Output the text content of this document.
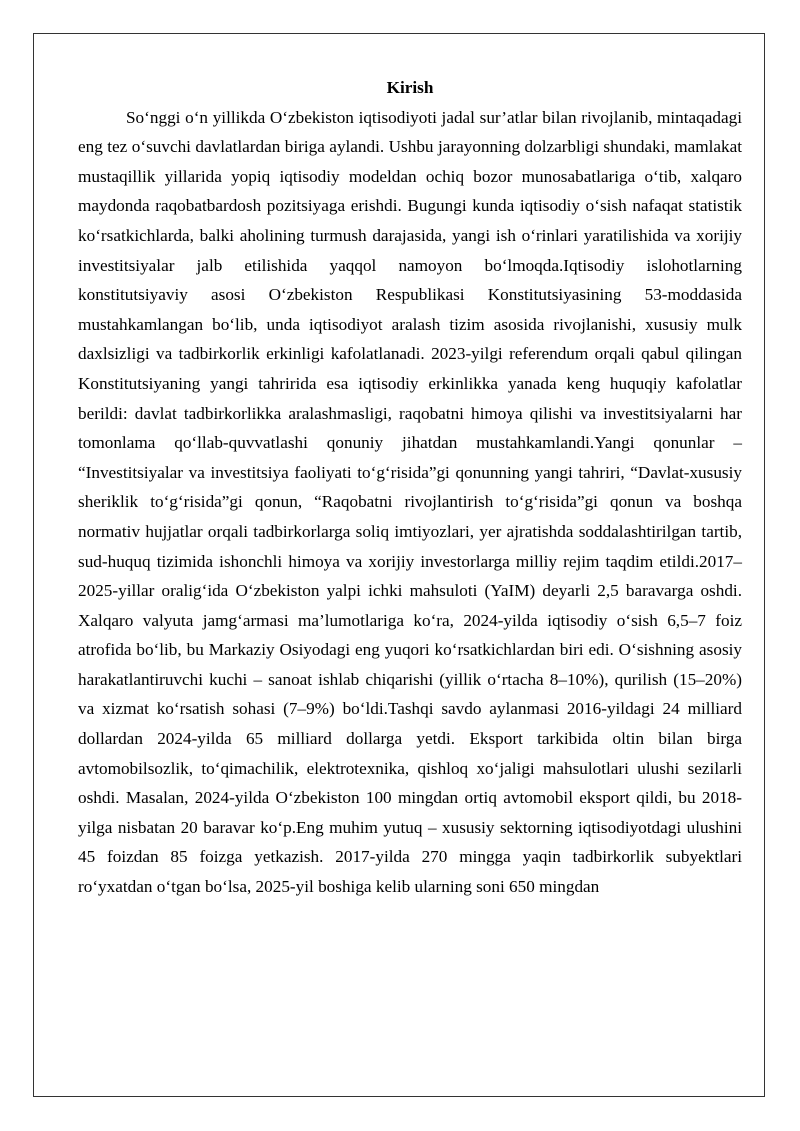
Kirish

So‘nggi o‘n yillikda O‘zbekiston iqtisodiyoti jadal sur’atlar bilan rivojlanib, mintaqadagi eng tez o‘suvchi davlatlardan biriga aylandi. Ushbu jarayonning dolzarbligi shundaki, mamlakat mustaqillik yillarida yopiq iqtisodiy modeldan ochiq bozor munosabatlariga o‘tib, xalqaro maydonda raqobatbardosh pozitsiyaga erishdi. Bugungi kunda iqtisodiy o‘sish nafaqat statistik ko‘rsatkichlarda, balki aholining turmush darajasida, yangi ish o‘rinlari yaratilishida va xorijiy investitsiyalar jalb etilishida yaqqol namoyon bo‘lmoqda.Iqtisodiy islohotlarning konstitutsiyaviy asosi O‘zbekiston Respublikasi Konstitutsiyasining 53-moddasida mustahkamlangan bo‘lib, unda iqtisodiyot aralash tizim asosida rivojlanishi, xususiy mulk daxlsizligi va tadbirkorlik erkinligi kafolatlanadi. 2023-yilgi referendum orqali qabul qilingan Konstitutsiyaning yangi tahririda esa iqtisodiy erkinlikka yanada keng huquqiy kafolatlar berildi: davlat tadbirkorlikka aralashmasligi, raqobatni himoya qilishi va investitsiyalarni har tomonlama qo‘llab-quvvatlashi qonuniy jihatdan mustahkamlandi.Yangi qonunlar – “Investitsiyalar va investitsiya faoliyati to‘g‘risida”gi qonunning yangi tahriri, “Davlat-xususiy sheriklik to‘g‘risida”gi qonun, “Raqobatni rivojlantirish to‘g‘risida”gi qonun va boshqa normativ hujjatlar orqali tadbirkorlarga soliq imtiyozlari, yer ajratishda soddalashtirilgan tartib, sud-huquq tizimida ishonchli himoya va xorijiy investorlarga milliy rejim taqdim etildi.2017–2025-yillar oralig‘ida O‘zbekiston yalpi ichki mahsuloti (YaIM) deyarli 2,5 baravarga oshdi. Xalqaro valyuta jamg‘armasi ma’lumotlariga ko‘ra, 2024-yilda iqtisodiy o‘sish 6,5–7 foiz atrofida bo‘lib, bu Markaziy Osiyodagi eng yuqori ko‘rsatkichlardan biri edi. O‘sishning asosiy harakatlantiruvchi kuchi – sanoat ishlab chiqarishi (yillik o‘rtacha 8–10%), qurilish (15–20%) va xizmat ko‘rsatish sohasi (7–9%) bo‘ldi.Tashqi savdo aylanmasi 2016-yildagi 24 milliard dollardan 2024-yilda 65 milliard dollarga yetdi. Eksport tarkibida oltin bilan birga avtomobilsozlik, to‘qimachilik, elektrotexnika, qishloq xo‘jaligi mahsulotlari ulushi sezilarli oshdi. Masalan, 2024-yilda O‘zbekiston 100 mingdan ortiq avtomobil eksport qildi, bu 2018-yilga nisbatan 20 baravar ko‘p.Eng muhim yutuq – xususiy sektorning iqtisodiyotdagi ulushini 45 foizdan 85 foizga yetkazish. 2017-yilda 270 mingga yaqin tadbirkorlik subyektlari ro‘yxatdan o‘tgan bo‘lsa, 2025-yil boshiga kelib ularning soni 650 mingdan
